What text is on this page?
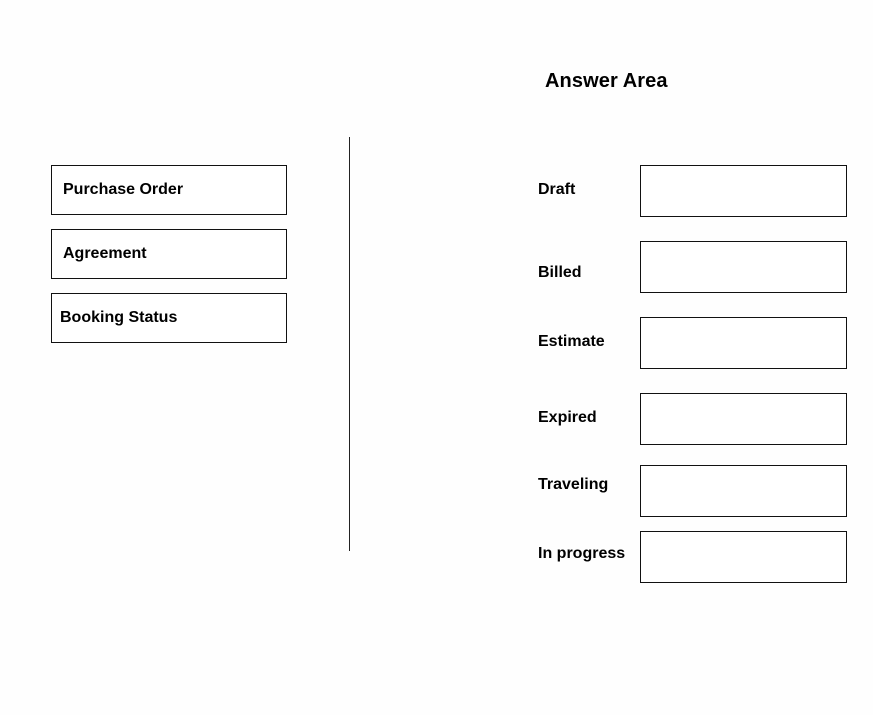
Answer Area
Purchase Order
Agreement
Booking Status
Draft
Billed
Estimate
Expired
Traveling
In progress
